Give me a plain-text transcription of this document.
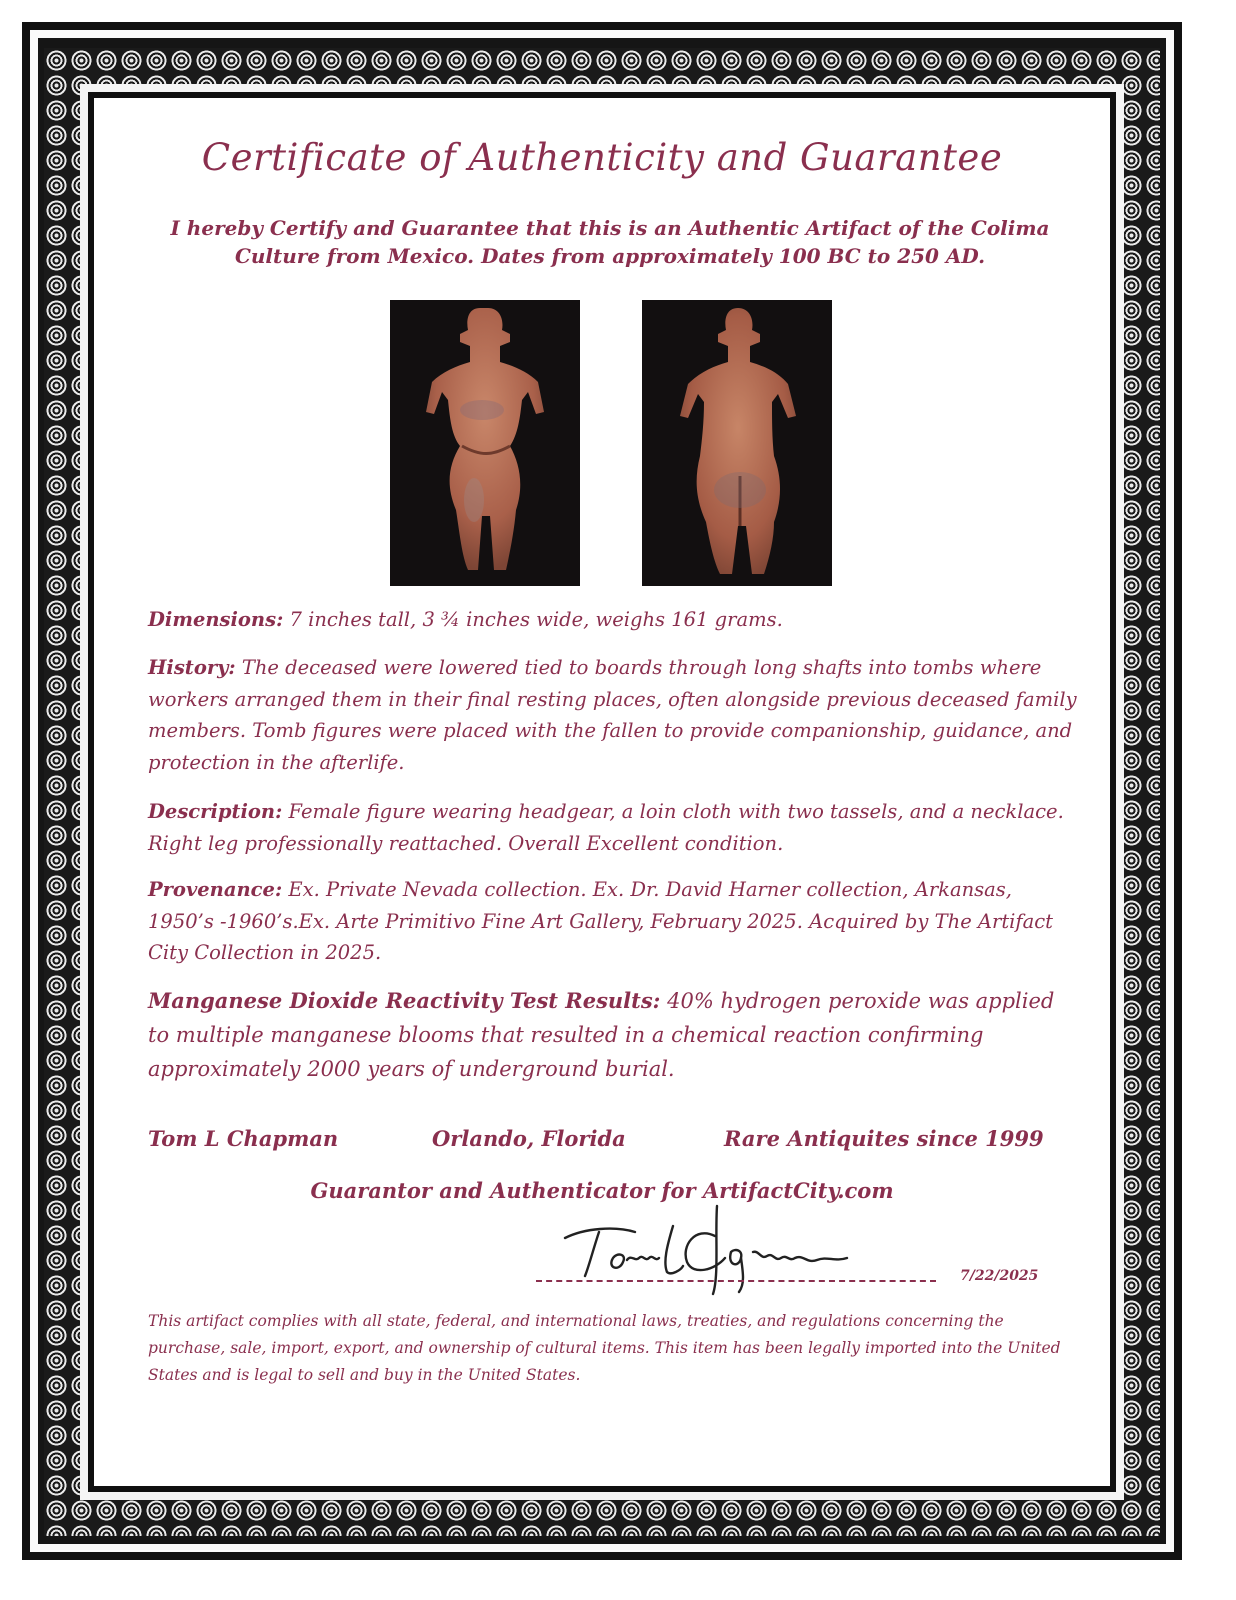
Certificate of Authenticity and Guarantee
I hereby Certify and Guarantee that this is an Authentic Artifact of the Colima
Culture from Mexico. Dates from approximately 100 BC to 250 AD.
Dimensions: 7 inches tall, 3 ¾ inches wide, weighs 161 grams.
History: The deceased were lowered tied to boards through long shafts into tombs where workers arranged them in their final resting places, often alongside previous deceased family members. Tomb figures were placed with the fallen to provide companionship, guidance, and protection in the afterlife.
Description: Female figure wearing headgear, a loin cloth with two tassels, and a necklace. Right leg professionally reattached. Overall Excellent condition.
Provenance: Ex. Private Nevada collection. Ex. Dr. David Harner collection, Arkansas, 1950’s -1960’s.Ex. Arte Primitivo Fine Art Gallery, February 2025. Acquired by The Artifact City Collection in 2025.
Manganese Dioxide Reactivity Test Results: 40% hydrogen peroxide was applied to multiple manganese blooms that resulted in a chemical reaction confirming approximately 2000 years of underground burial.
Tom L Chapman	Orlando, Florida	Rare Antiquites since 1999
Guarantor and Authenticator for ArtifactCity.com
7/22/2025
This artifact complies with all state, federal, and international laws, treaties, and regulations concerning the purchase, sale, import, export, and ownership of cultural items. This item has been legally imported into the United States and is legal to sell and buy in the United States.
